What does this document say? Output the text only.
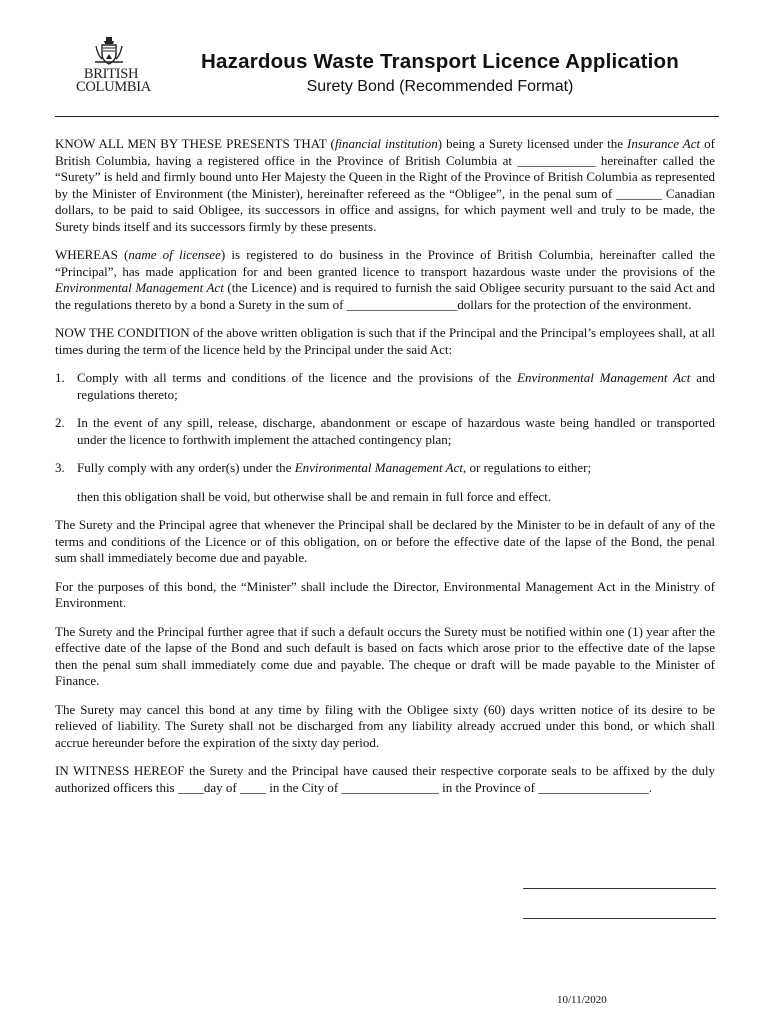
BRITISH
COLUMBIA
Hazardous Waste Transport Licence Application
Surety Bond (Recommended Format)

KNOW ALL MEN BY THESE PRESENTS THAT (financial institution) being a Surety licensed under the Insurance Act of British Columbia, having a registered office in the Province of British Columbia at ____________ hereinafter called the “Surety” is held and firmly bound unto Her Majesty the Queen in the Right of the Province of British Columbia as represented by the Minister of Environment (the Minister), hereinafter refereed as the “Obligee”, in the penal sum of _______ Canadian dollars, to be paid to said Obligee, its successors in office and assigns, for which payment well and truly to be made, the Surety binds itself and its successors firmly by these presents.

WHEREAS (name of licensee) is registered to do business in the Province of British Columbia, hereinafter called the “Principal”, has made application for and been granted licence to transport hazardous waste under the provisions of the Environmental Management Act (the Licence) and is required to furnish the said Obligee security pursuant to the said Act and the regulations thereto by a bond a Surety in the sum of _________________dollars for the protection of the environment.

NOW THE CONDITION of the above written obligation is such that if the Principal and the Principal’s employees shall, at all times during the term of the licence held by the Principal under the said Act:

1. Comply with all terms and conditions of the licence and the provisions of the Environmental Management Act and regulations thereto;
2. In the event of any spill, release, discharge, abandonment or escape of hazardous waste being handled or transported under the licence to forthwith implement the attached contingency plan;
3. Fully comply with any order(s) under the Environmental Management Act, or regulations to either;

then this obligation shall be void, but otherwise shall be and remain in full force and effect.

The Surety and the Principal agree that whenever the Principal shall be declared by the Minister to be in default of any of the terms and conditions of the Licence or of this obligation, on or before the effective date of the lapse of the Bond, the penal sum shall immediately become due and payable.

For the purposes of this bond, the “Minister” shall include the Director, Environmental Management Act in the Ministry of Environment.

The Surety and the Principal further agree that if such a default occurs the Surety must be notified within one (1) year after the effective date of the lapse of the Bond and such default is based on facts which arose prior to the effective date of the lapse then the penal sum shall immediately come due and payable. The cheque or draft will be made payable to the Minister of Finance.

The Surety may cancel this bond at any time by filing with the Obligee sixty (60) days written notice of its desire to be relieved of liability. The Surety shall not be discharged from any liability already accrued under this bond, or which shall accrue hereunder before the expiration of the sixty day period.

IN WITNESS HEREOF the Surety and the Principal have caused their respective corporate seals to be affixed by the duly authorized officers this ____day of ____ in the City of _______________ in the Province of _________________.

10/11/2020
